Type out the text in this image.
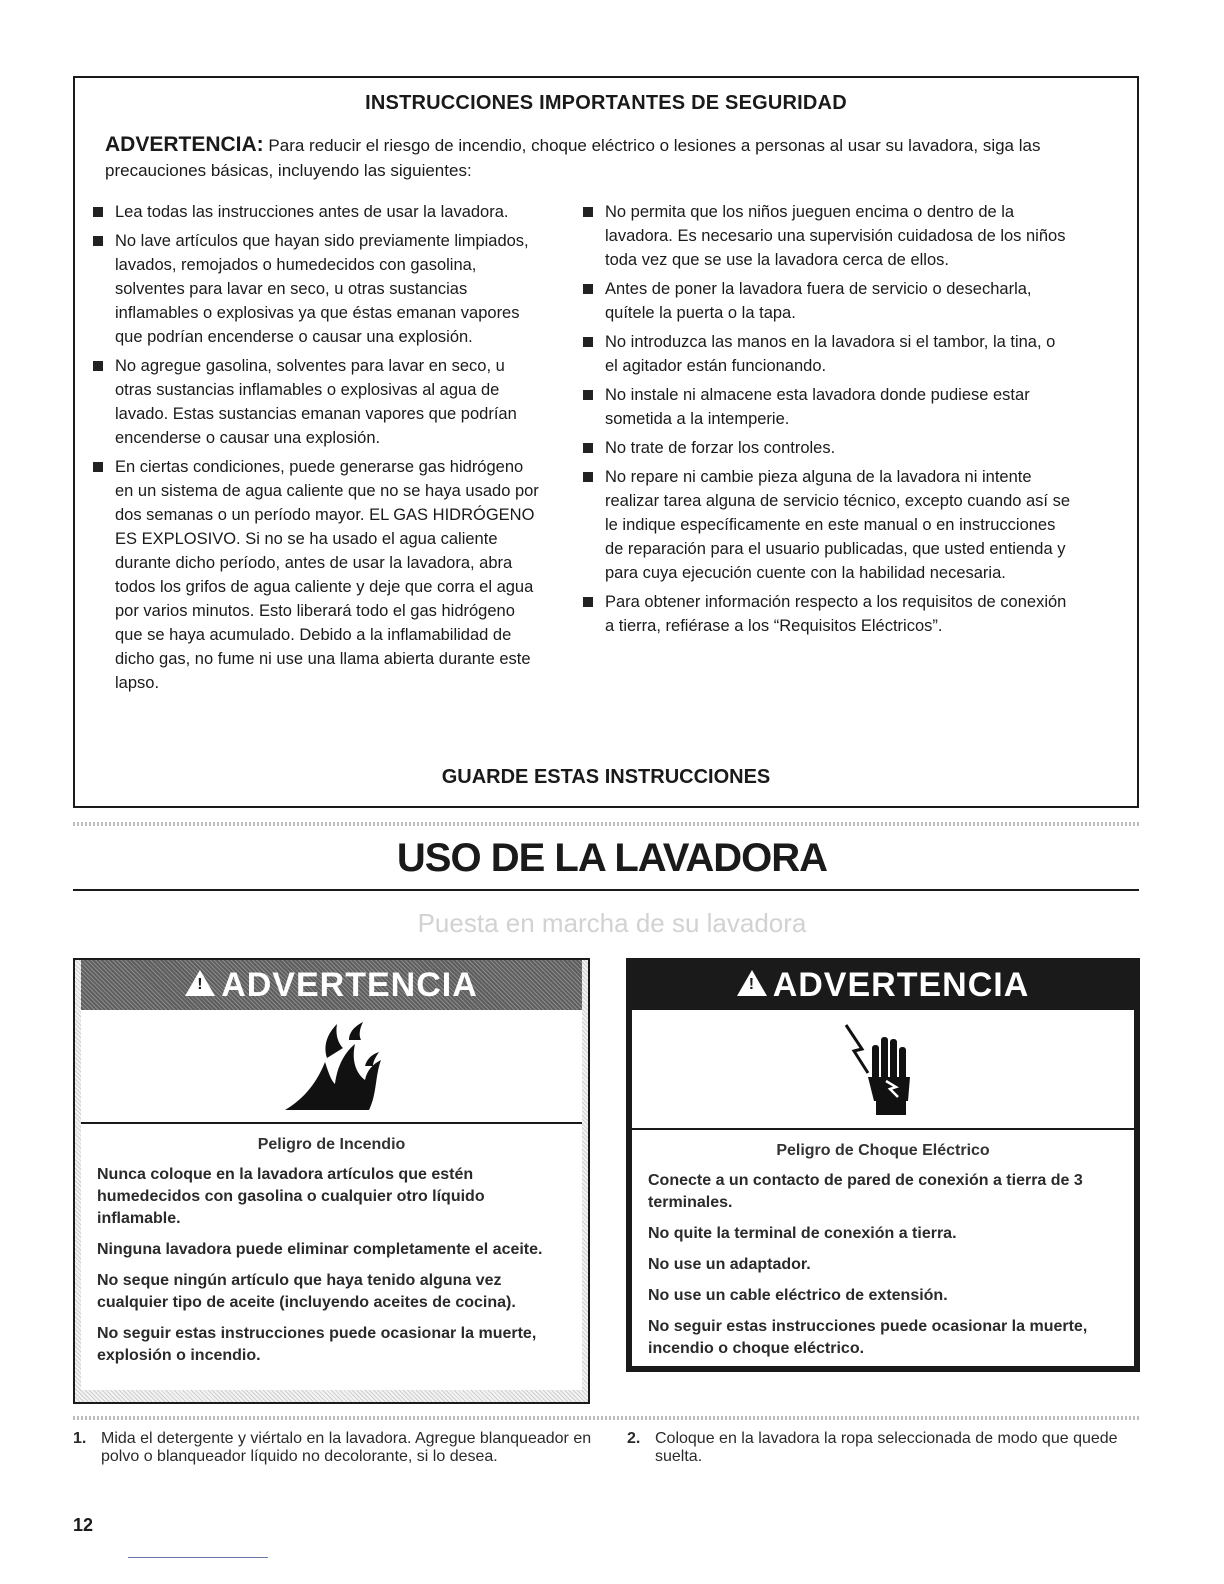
INSTRUCCIONES IMPORTANTES DE SEGURIDAD
ADVERTENCIA: Para reducir el riesgo de incendio, choque eléctrico o lesiones a personas al usar su lavadora, siga las precauciones básicas, incluyendo las siguientes:
Lea todas las instrucciones antes de usar la lavadora.
No lave artículos que hayan sido previamente limpiados, lavados, remojados o humedecidos con gasolina, solventes para lavar en seco, u otras sustancias inflamables o explosivas ya que éstas emanan vapores que podrían encenderse o causar una explosión.
No agregue gasolina, solventes para lavar en seco, u otras sustancias inflamables o explosivas al agua de lavado. Estas sustancias emanan vapores que podrían encenderse o causar una explosión.
En ciertas condiciones, puede generarse gas hidrógeno en un sistema de agua caliente que no se haya usado por dos semanas o un período mayor. EL GAS HIDRÓGENO ES EXPLOSIVO. Si no se ha usado el agua caliente durante dicho período, antes de usar la lavadora, abra todos los grifos de agua caliente y deje que corra el agua por varios minutos. Esto liberará todo el gas hidrógeno que se haya acumulado. Debido a la inflamabilidad de dicho gas, no fume ni use una llama abierta durante este lapso.
No permita que los niños jueguen encima o dentro de la lavadora. Es necesario una supervisión cuidadosa de los niños toda vez que se use la lavadora cerca de ellos.
Antes de poner la lavadora fuera de servicio o desecharla, quítele la puerta o la tapa.
No introduzca las manos en la lavadora si el tambor, la tina, o el agitador están funcionando.
No instale ni almacene esta lavadora donde pudiese estar sometida a la intemperie.
No trate de forzar los controles.
No repare ni cambie pieza alguna de la lavadora ni intente realizar tarea alguna de servicio técnico, excepto cuando así se le indique específicamente en este manual o en instrucciones de reparación para el usuario publicadas, que usted entienda y para cuya ejecución cuente con la habilidad necesaria.
Para obtener información respecto a los requisitos de conexión a tierra, refiérase a los “Requisitos Eléctricos”.
GUARDE ESTAS INSTRUCCIONES
USO DE LA LAVADORA
Puesta en marcha de su lavadora
!
ADVERTENCIA
Peligro de Incendio

Nunca coloque en la lavadora artículos que estén humedecidos con gasolina o cualquier otro líquido inflamable.

Ninguna lavadora puede eliminar completamente el aceite.

No seque ningún artículo que haya tenido alguna vez cualquier tipo de aceite (incluyendo aceites de cocina).

No seguir estas instrucciones puede ocasionar la muerte, explosión o incendio.

!
ADVERTENCIA
Peligro de Choque Eléctrico

Conecte a un contacto de pared de conexión a tierra de 3 terminales.

No quite la terminal de conexión a tierra.

No use un adaptador.

No use un cable eléctrico de extensión.

No seguir estas instrucciones puede ocasionar la muerte, incendio o choque eléctrico.

1. Mida el detergente y viértalo en la lavadora. Agregue blanqueador en polvo o blanqueador líquido no decolorante, si lo desea.
2. Coloque en la lavadora la ropa seleccionada de modo que quede suelta.
12
